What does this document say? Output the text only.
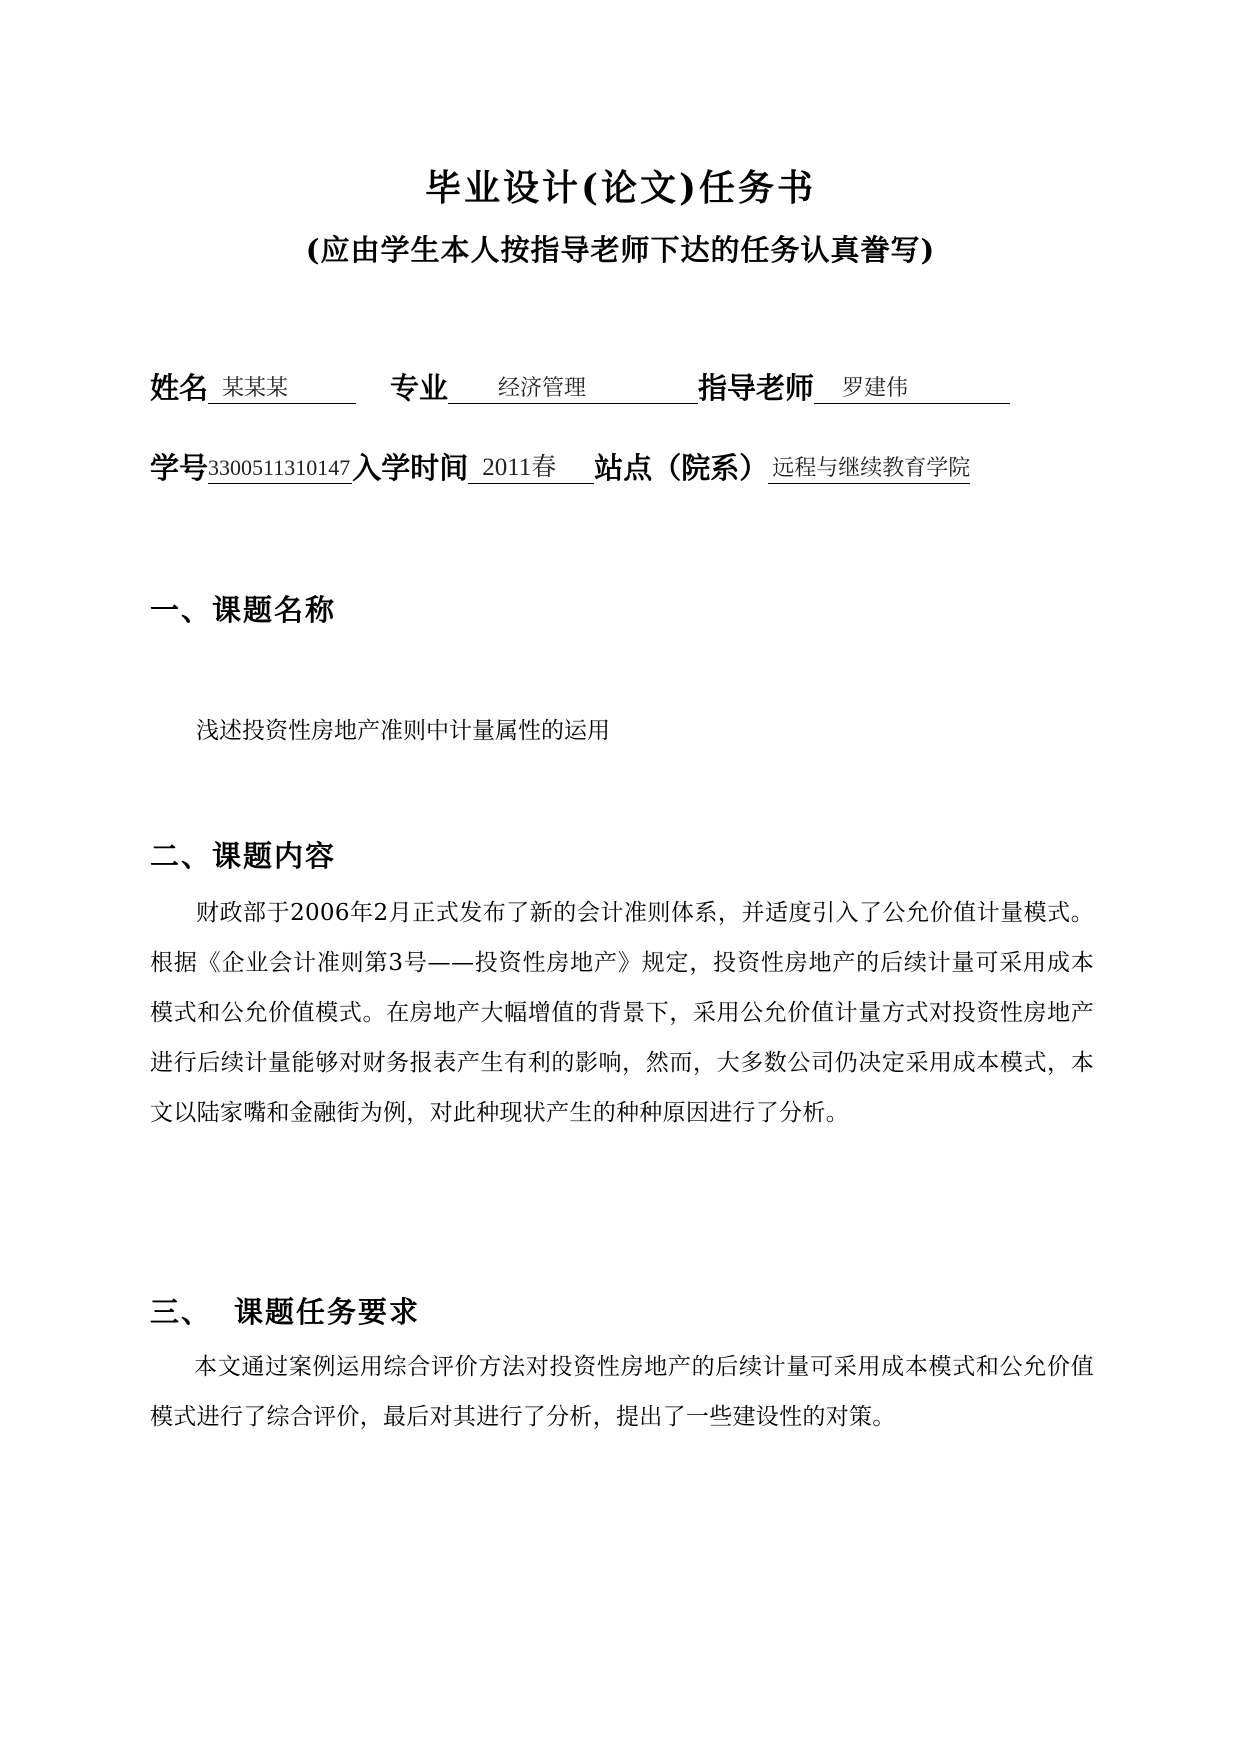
毕业设计(论文)任务书
(应由学生本人按指导老师下达的任务认真誊写)
姓名 某某某	专业	经济管理	指导老师	罗建伟
学号 3300511310147 入学时间 2011春	站点（院系） 远程与继续教育学院
一、课题名称
浅述投资性房地产准则中计量属性的运用
二、课题内容
财政部于2006年2月正式发布了新的会计准则体系，并适度引入了公允价值计量模式。根据《企业会计准则第3号——投资性房地产》规定，投资性房地产的后续计量可采用成本模式和公允价值模式。在房地产大幅增值的背景下，采用公允价值计量方式对投资性房地产进行后续计量能够对财务报表产生有利的影响，然而，大多数公司仍决定采用成本模式，本文以陆家嘴和金融街为例，对此种现状产生的种种原因进行了分析。
三、 课题任务要求
本文通过案例运用综合评价方法对投资性房地产的后续计量可采用成本模式和公允价值模式进行了综合评价，最后对其进行了分析，提出了一些建设性的对策。
